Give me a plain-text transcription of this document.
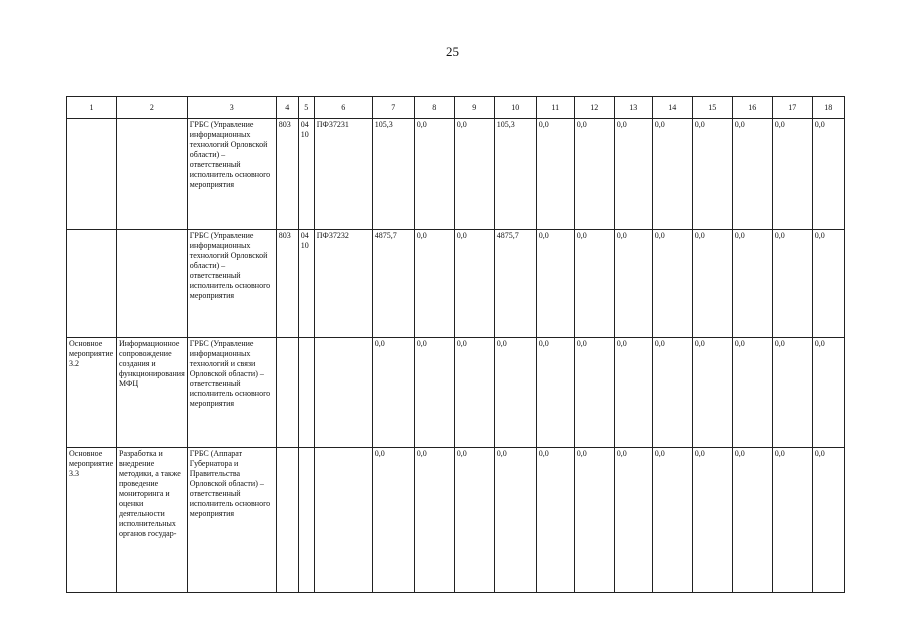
25
1	2	3	4	5	6	7	8	9	10	11	12	13	14	15	16	17	18
		ГРБС (Управление информационных технологий Орловской области) – ответственный исполнитель основного мероприятия	803	04 10	ПФ37231	105,3	0,0	0,0	105,3	0,0	0,0	0,0	0,0	0,0	0,0	0,0	0,0
		ГРБС (Управление информационных технологий Орловской области) – ответственный исполнитель основного мероприятия	803	04 10	ПФ37232	4875,7	0,0	0,0	4875,7	0,0	0,0	0,0	0,0	0,0	0,0	0,0	0,0
Основное мероприятие 3.2	Информационное сопровождение создания и функционирования МФЦ	ГРБС (Управление информационных технологий и связи Орловской области) – ответственный исполнитель основного мероприятия				0,0	0,0	0,0	0,0	0,0	0,0	0,0	0,0	0,0	0,0	0,0	0,0
Основное мероприятие 3.3	Разработка и внедрение методики, а также проведение мониторинга и оценки деятельности исполнительных органов государ-	ГРБС (Аппарат Губернатора и Правительства Орловской области) – ответственный исполнитель основного мероприятия				0,0	0,0	0,0	0,0	0,0	0,0	0,0	0,0	0,0	0,0	0,0	0,0
